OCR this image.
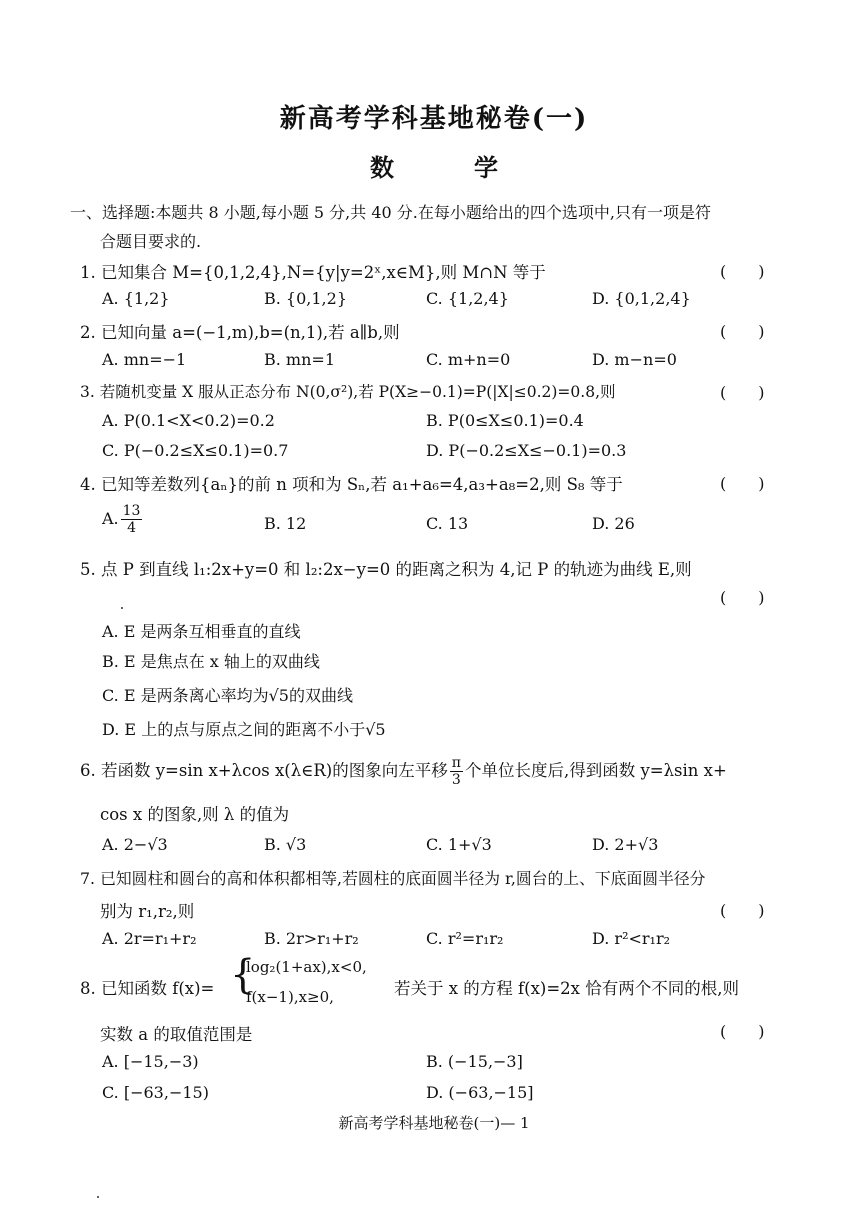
新高考学科基地秘卷(一)
数　学
一、选择题:本题共 8 小题,每小题 5 分,共 40 分.在每小题给出的四个选项中,只有一项是符
合题目要求的.
1. 已知集合 M={0,1,2,4},N={y|y=2ˣ,x∈M},则 M∩N 等于	(　　)
A. {1,2}	B. {0,1,2}	C. {1,2,4}	D. {0,1,2,4}
2. 已知向量 a=(−1,m),b=(n,1),若 a∥b,则	(　　)
A. mn=−1	B. mn=1	C. m+n=0	D. m−n=0
3. 若随机变量 X 服从正态分布 N(0,σ²),若 P(X≥−0.1)=P(|X|≤0.2)=0.8,则	(　　)
A. P(0.1<X<0.2)=0.2	B. P(0≤X≤0.1)=0.4
C. P(−0.2≤X≤0.1)=0.7	D. P(−0.2≤X≤−0.1)=0.3
4. 已知等差数列{aₙ}的前 n 项和为 Sₙ,若 a₁+a₆=4,a₃+a₈=2,则 S₈ 等于	(　　)
A. $\frac{13}{4}$	B. 12	C. 13	D. 26
5. 点 P 到直线 l₁:2x+y=0 和 l₂:2x−y=0 的距离之积为 4,记 P 的轨迹为曲线 E,则
(　　)
A. E 是两条互相垂直的直线
B. E 是焦点在 x 轴上的双曲线
C. E 是两条离心率均为√5的双曲线
D. E 上的点与原点之间的距离不小于√5
6. 若函数 y=sin x+λcos x(λ∈R)的图象向左平移 $\frac{\pi}{3}$ 个单位长度后,得到函数 y=λsin x+
cos x 的图象,则 λ 的值为
A. 2−√3	B. √3	C. 1+√3	D. 2+√3
7. 已知圆柱和圆台的高和体积都相等,若圆柱的底面圆半径为 r,圆台的上、下底面圆半径分
别为 r₁,r₂,则	(　　)
A. 2r=r₁+r₂	B. 2r>r₁+r₂	C. r²=r₁r₂	D. r²<r₁r₂
8. 已知函数 f(x)= {
log₂(1+ax),x<0,
f(x−1),x≥0,	若关于 x 的方程 f(x)=2x 恰有两个不同的根,则
实数 a 的取值范围是	(　　)
A. [−15,−3)	B. (−15,−3]
C. [−63,−15)	D. (−63,−15]
新高考学科基地秘卷(一)— 1
